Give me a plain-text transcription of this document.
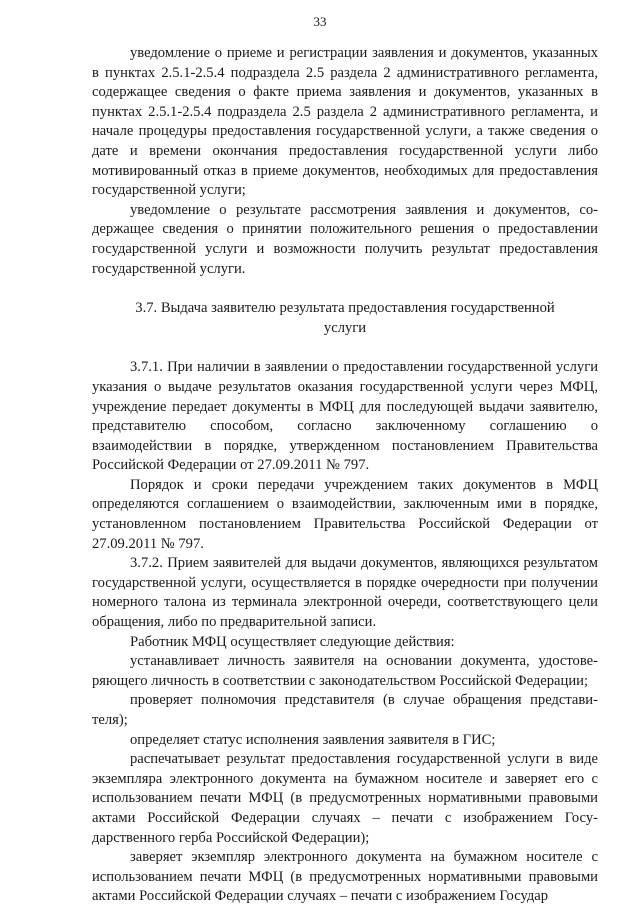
33

уведомление о приеме и регистрации заявления и документов, указанных в пунктах 2.5.1-2.5.4 подраздела 2.5 раздела 2 административного регламента, содержащее сведения о факте приема заявления и документов, указанных в пунктах 2.5.1-2.5.4 подраздела 2.5 раздела 2 административного регламента, и начале процедуры предоставления государственной услуги, а также сведения о дате и времени окончания предоставления государственной услуги либо мотивированный отказ в приеме документов, необходимых для предоставления государственной услуги;

уведомление о результате рассмотрения заявления и документов, содержащее сведения о принятии положительного решения о предоставлении государственной услуги и возможности получить результат предоставления государственной услуги.

3.7. Выдача заявителю результата предоставления государственной услуги

3.7.1. При наличии в заявлении о предоставлении государственной услуги указания о выдаче результатов оказания государственной услуги через МФЦ, учреждение передает документы в МФЦ для последующей выдачи заявителю, представителю способом, согласно заключенному соглашению о взаимодействии в порядке, утвержденном постановлением Правительства Российской Федерации от 27.09.2011 № 797.

Порядок и сроки передачи учреждением таких документов в МФЦ определяются соглашением о взаимодействии, заключенным ими в порядке, установленном постановлением Правительства Российской Федерации от 27.09.2011 № 797.

3.7.2. Прием заявителей для выдачи документов, являющихся результатом государственной услуги, осуществляется в порядке очередности при получении номерного талона из терминала электронной очереди, соответствующего цели обращения, либо по предварительной записи.

Работник МФЦ осуществляет следующие действия:

устанавливает личность заявителя на основании документа, удостоверяющего личность в соответствии с законодательством Российской Федерации;

проверяет полномочия представителя (в случае обращения представителя);

определяет статус исполнения заявления заявителя в ГИС;

распечатывает результат предоставления государственной услуги в виде экземпляра электронного документа на бумажном носителе и заверяет его с использованием печати МФЦ (в предусмотренных нормативными правовыми актами Российской Федерации случаях – печати с изображением Государственного герба Российской Федерации);

заверяет экземпляр электронного документа на бумажном носителе с использованием печати МФЦ (в предусмотренных нормативными правовыми актами Российской Федерации случаях – печати с изображением Государ
